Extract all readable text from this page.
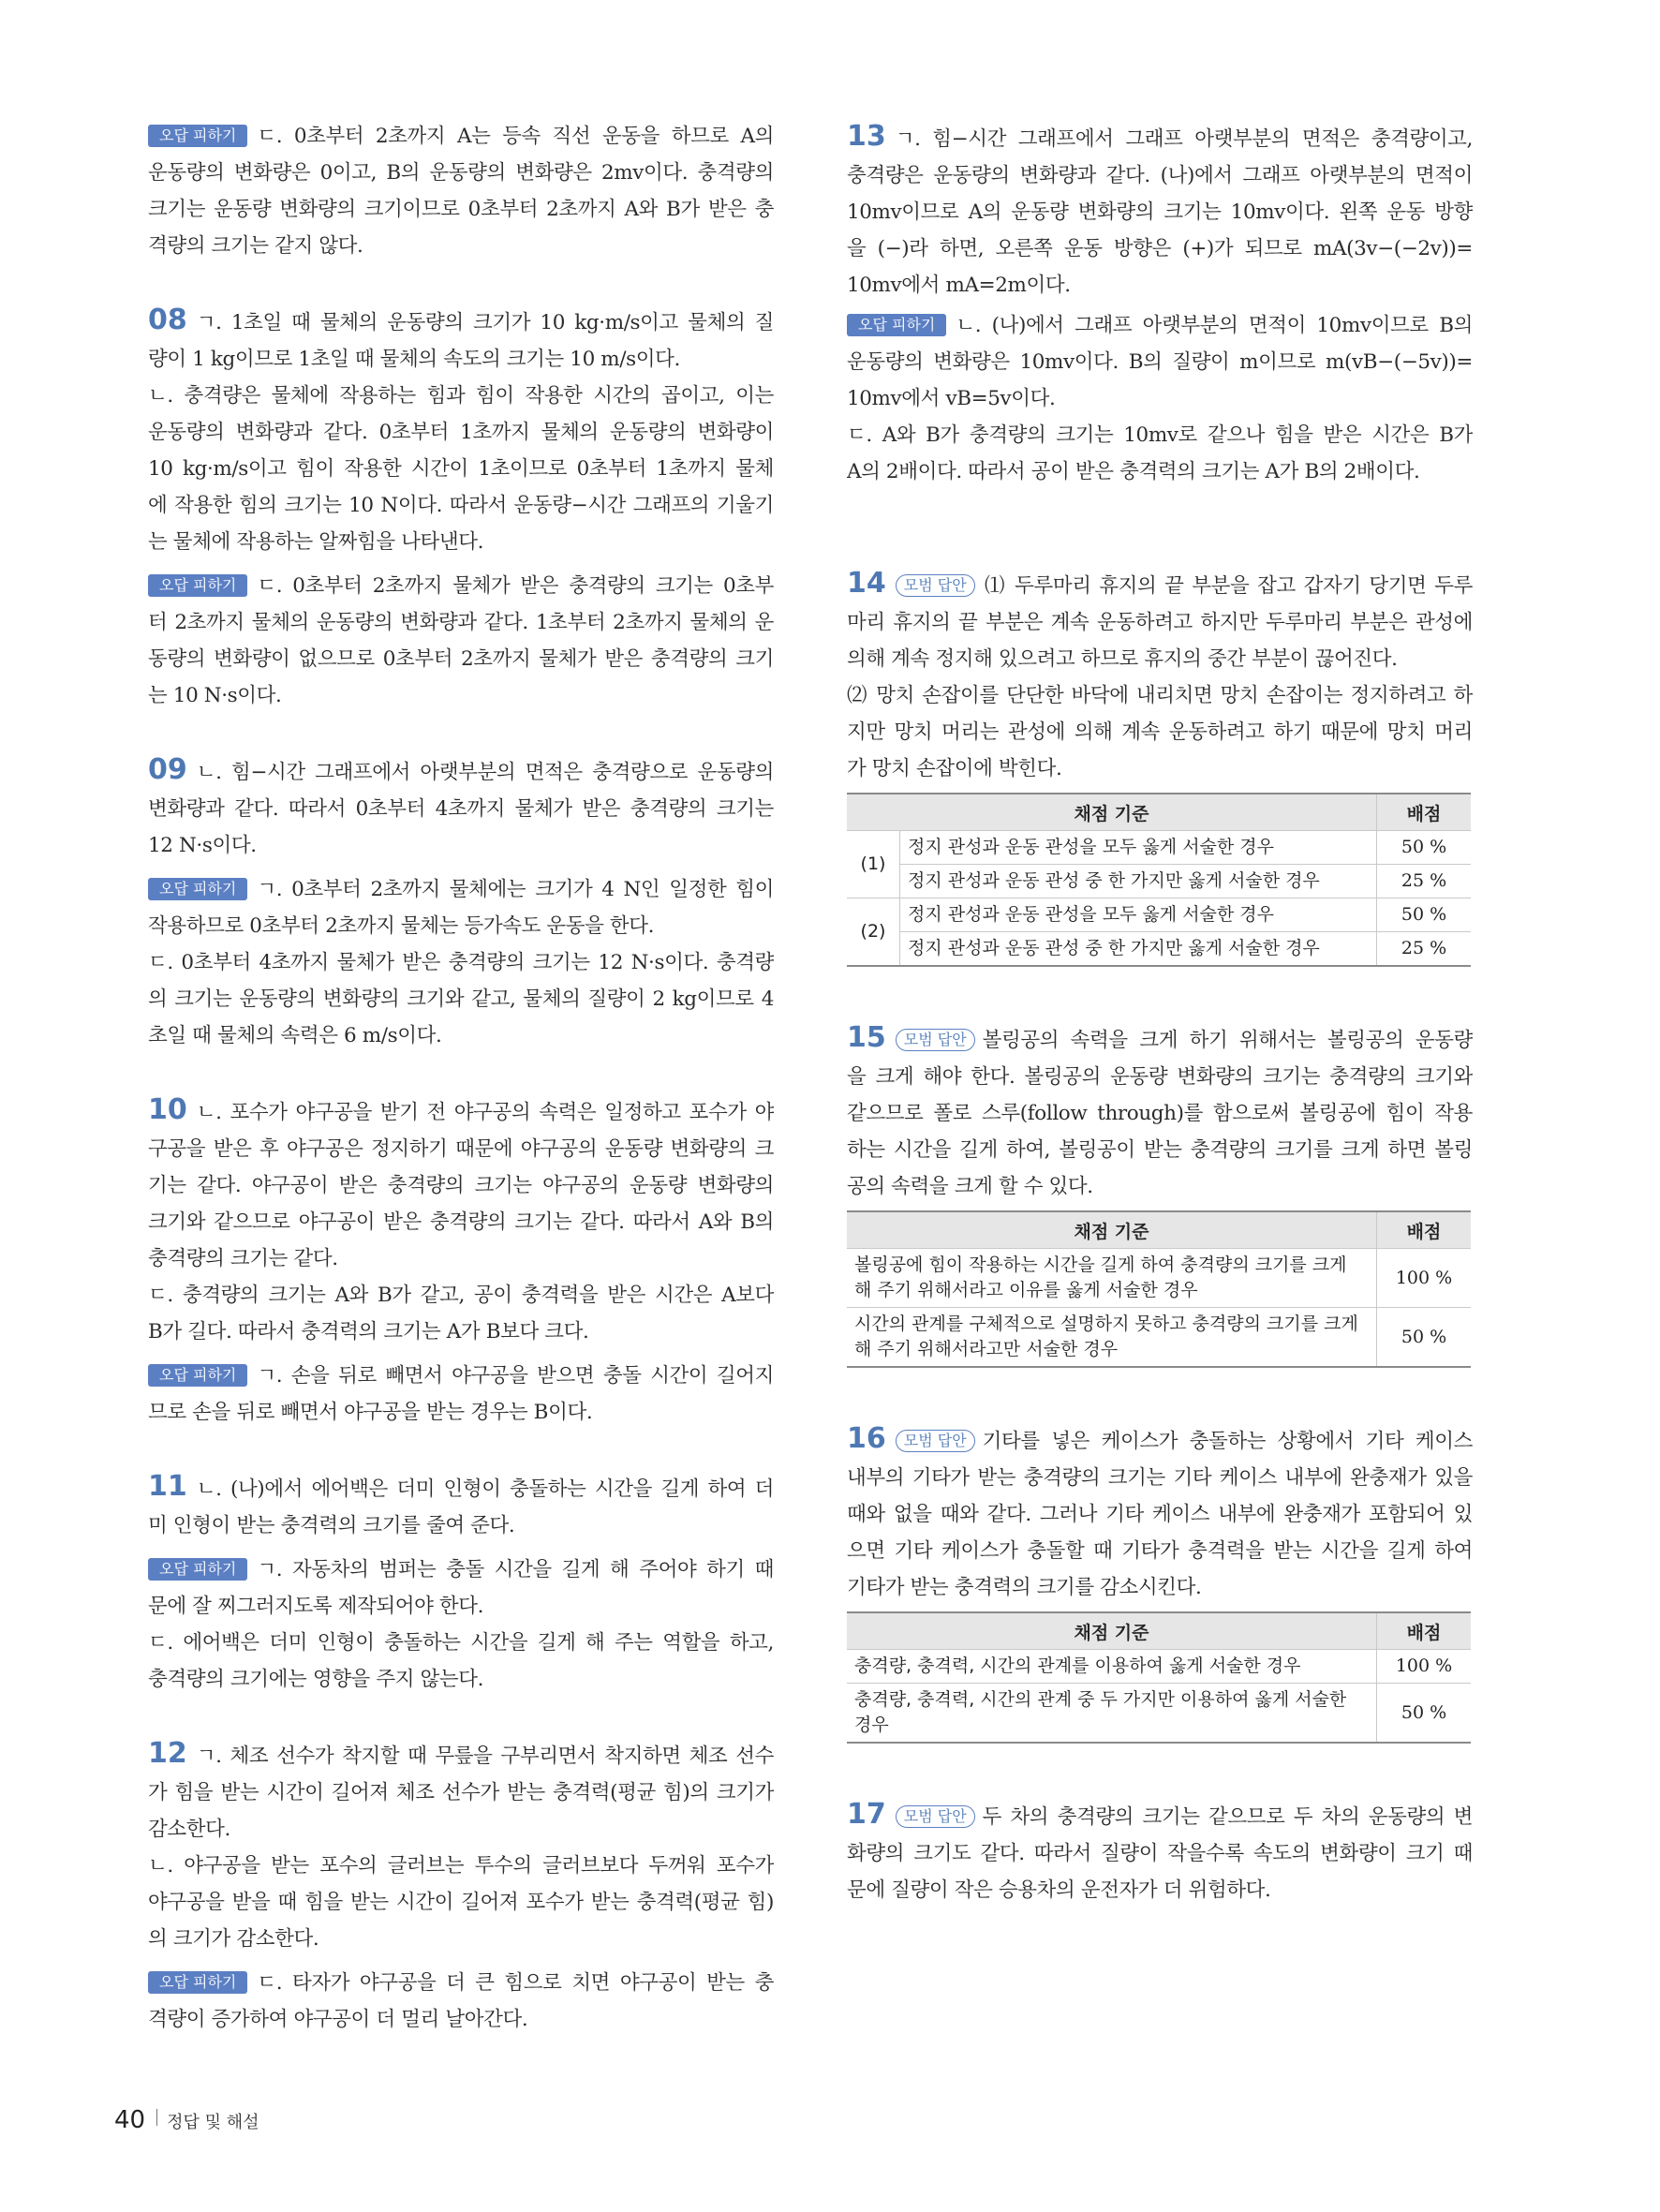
오답 피하기 ㄷ. 0초부터 2초까지 A는 등속 직선 운동을 하므로 A의
운동량의 변화량은 0이고, B의 운동량의 변화량은 2mv이다. 충격량의
크기는 운동량 변화량의 크기이므로 0초부터 2초까지 A와 B가 받은 충
격량의 크기는 같지 않다.
08 ㄱ. 1초일 때 물체의 운동량의 크기가 10 kg·m/s이고 물체의 질
량이 1 kg이므로 1초일 때 물체의 속도의 크기는 10 m/s이다.
ㄴ. 충격량은 물체에 작용하는 힘과 힘이 작용한 시간의 곱이고, 이는
운동량의 변화량과 같다. 0초부터 1초까지 물체의 운동량의 변화량이
10 kg·m/s이고 힘이 작용한 시간이 1초이므로 0초부터 1초까지 물체
에 작용한 힘의 크기는 10 N이다. 따라서 운동량−시간 그래프의 기울기
는 물체에 작용하는 알짜힘을 나타낸다.
오답 피하기 ㄷ. 0초부터 2초까지 물체가 받은 충격량의 크기는 0초부
터 2초까지 물체의 운동량의 변화량과 같다. 1초부터 2초까지 물체의 운
동량의 변화량이 없으므로 0초부터 2초까지 물체가 받은 충격량의 크기
는 10 N·s이다.
09 ㄴ. 힘−시간 그래프에서 아랫부분의 면적은 충격량으로 운동량의
변화량과 같다. 따라서 0초부터 4초까지 물체가 받은 충격량의 크기는
12 N·s이다.
오답 피하기 ㄱ. 0초부터 2초까지 물체에는 크기가 4 N인 일정한 힘이
작용하므로 0초부터 2초까지 물체는 등가속도 운동을 한다.
ㄷ. 0초부터 4초까지 물체가 받은 충격량의 크기는 12 N·s이다. 충격량
의 크기는 운동량의 변화량의 크기와 같고, 물체의 질량이 2 kg이므로 4
초일 때 물체의 속력은 6 m/s이다.
10 ㄴ. 포수가 야구공을 받기 전 야구공의 속력은 일정하고 포수가 야
구공을 받은 후 야구공은 정지하기 때문에 야구공의 운동량 변화량의 크
기는 같다. 야구공이 받은 충격량의 크기는 야구공의 운동량 변화량의
크기와 같으므로 야구공이 받은 충격량의 크기는 같다. 따라서 A와 B의
충격량의 크기는 같다.
ㄷ. 충격량의 크기는 A와 B가 같고, 공이 충격력을 받은 시간은 A보다
B가 길다. 따라서 충격력의 크기는 A가 B보다 크다.
오답 피하기 ㄱ. 손을 뒤로 빼면서 야구공을 받으면 충돌 시간이 길어지
므로 손을 뒤로 빼면서 야구공을 받는 경우는 B이다.
11 ㄴ. (나)에서 에어백은 더미 인형이 충돌하는 시간을 길게 하여 더
미 인형이 받는 충격력의 크기를 줄여 준다.
오답 피하기 ㄱ. 자동차의 범퍼는 충돌 시간을 길게 해 주어야 하기 때
문에 잘 찌그러지도록 제작되어야 한다.
ㄷ. 에어백은 더미 인형이 충돌하는 시간을 길게 해 주는 역할을 하고,
충격량의 크기에는 영향을 주지 않는다.
12 ㄱ. 체조 선수가 착지할 때 무릎을 구부리면서 착지하면 체조 선수
가 힘을 받는 시간이 길어져 체조 선수가 받는 충격력(평균 힘)의 크기가
감소한다.
ㄴ. 야구공을 받는 포수의 글러브는 투수의 글러브보다 두꺼워 포수가
야구공을 받을 때 힘을 받는 시간이 길어져 포수가 받는 충격력(평균 힘)
의 크기가 감소한다.
오답 피하기 ㄷ. 타자가 야구공을 더 큰 힘으로 치면 야구공이 받는 충
격량이 증가하여 야구공이 더 멀리 날아간다.
13 ㄱ. 힘−시간 그래프에서 그래프 아랫부분의 면적은 충격량이고,
충격량은 운동량의 변화량과 같다. (나)에서 그래프 아랫부분의 면적이
10mv이므로 A의 운동량 변화량의 크기는 10mv이다. 왼쪽 운동 방향
을 (−)라 하면, 오른쪽 운동 방향은 (+)가 되므로 mA(3v−(−2v))=
10mv에서 mA=2m이다.
오답 피하기 ㄴ. (나)에서 그래프 아랫부분의 면적이 10mv이므로 B의
운동량의 변화량은 10mv이다. B의 질량이 m이므로 m(vB−(−5v))=
10mv에서 vB=5v이다.
ㄷ. A와 B가 충격량의 크기는 10mv로 같으나 힘을 받은 시간은 B가
A의 2배이다. 따라서 공이 받은 충격력의 크기는 A가 B의 2배이다.
14 모범 답안 ⑴ 두루마리 휴지의 끝 부분을 잡고 갑자기 당기면 두루
마리 휴지의 끝 부분은 계속 운동하려고 하지만 두루마리 부분은 관성에
의해 계속 정지해 있으려고 하므로 휴지의 중간 부분이 끊어진다.
⑵ 망치 손잡이를 단단한 바닥에 내리치면 망치 손잡이는 정지하려고 하
지만 망치 머리는 관성에 의해 계속 운동하려고 하기 때문에 망치 머리
가 망치 손잡이에 박힌다.
채점 기준		배점
(1)	정지 관성과 운동 관성을 모두 옳게 서술한 경우	50 %
	정지 관성과 운동 관성 중 한 가지만 옳게 서술한 경우	25 %
(2)	정지 관성과 운동 관성을 모두 옳게 서술한 경우	50 %
	정지 관성과 운동 관성 중 한 가지만 옳게 서술한 경우	25 %
15 모범 답안 볼링공의 속력을 크게 하기 위해서는 볼링공의 운동량
을 크게 해야 한다. 볼링공의 운동량 변화량의 크기는 충격량의 크기와
같으므로 폴로 스루(follow through)를 함으로써 볼링공에 힘이 작용
하는 시간을 길게 하여, 볼링공이 받는 충격량의 크기를 크게 하면 볼링
공의 속력을 크게 할 수 있다.
채점 기준	배점
볼링공에 힘이 작용하는 시간을 길게 하여 충격량의 크기를 크게 해 주기 위해서라고 이유를 옳게 서술한 경우	100 %
시간의 관계를 구체적으로 설명하지 못하고 충격량의 크기를 크게 해 주기 위해서라고만 서술한 경우	50 %
16 모범 답안 기타를 넣은 케이스가 충돌하는 상황에서 기타 케이스
내부의 기타가 받는 충격량의 크기는 기타 케이스 내부에 완충재가 있을
때와 없을 때와 같다. 그러나 기타 케이스 내부에 완충재가 포함되어 있
으면 기타 케이스가 충돌할 때 기타가 충격력을 받는 시간을 길게 하여
기타가 받는 충격력의 크기를 감소시킨다.
채점 기준	배점
충격량, 충격력, 시간의 관계를 이용하여 옳게 서술한 경우	100 %
충격량, 충격력, 시간의 관계 중 두 가지만 이용하여 옳게 서술한 경우	50 %
17 모범 답안 두 차의 충격량의 크기는 같으므로 두 차의 운동량의 변
화량의 크기도 같다. 따라서 질량이 작을수록 속도의 변화량이 크기 때
문에 질량이 작은 승용차의 운전자가 더 위험하다.
40 정답 및 해설
